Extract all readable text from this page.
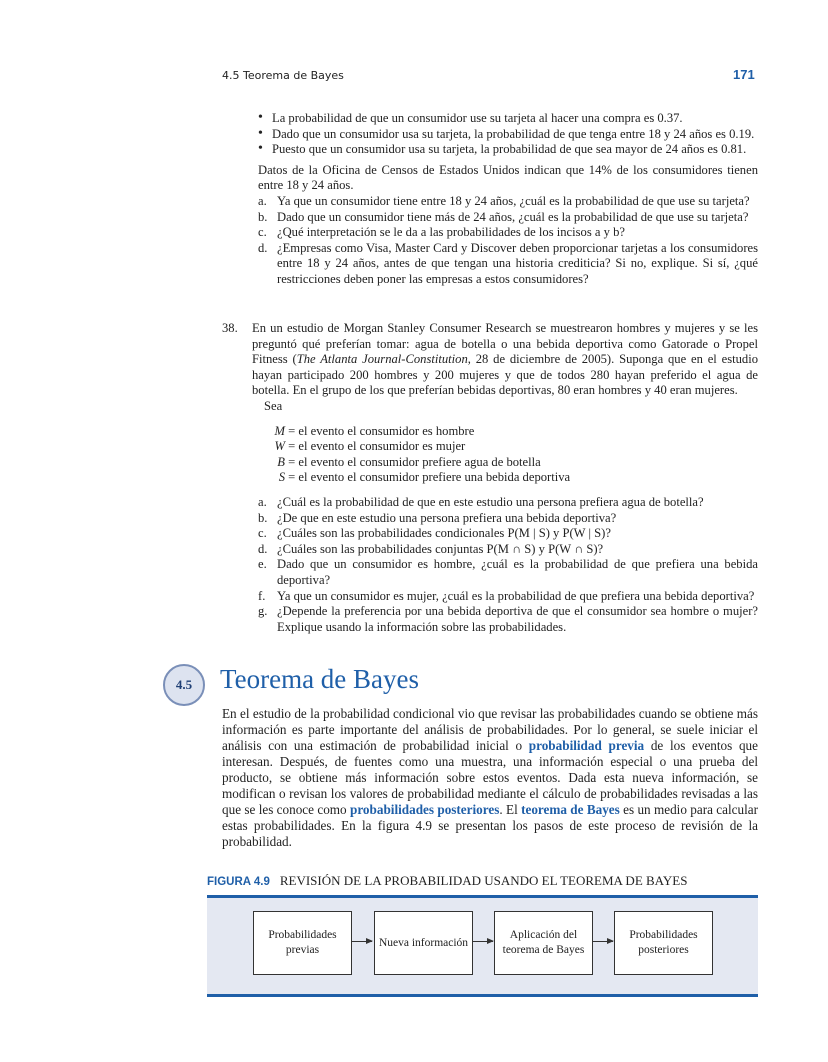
4.5 Teorema de Bayes	171
• La probabilidad de que un consumidor use su tarjeta al hacer una compra es 0.37.
• Dado que un consumidor usa su tarjeta, la probabilidad de que tenga entre 18 y 24 años es 0.19.
• Puesto que un consumidor usa su tarjeta, la probabilidad de que sea mayor de 24 años es 0.81.
Datos de la Oficina de Censos de Estados Unidos indican que 14% de los consumidores tienen entre 18 y 24 años.
a. Ya que un consumidor tiene entre 18 y 24 años, ¿cuál es la probabilidad de que use su tarjeta?
b. Dado que un consumidor tiene más de 24 años, ¿cuál es la probabilidad de que use su tarjeta?
c. ¿Qué interpretación se le da a las probabilidades de los incisos a y b?
d. ¿Empresas como Visa, Master Card y Discover deben proporcionar tarjetas a los consumidores entre 18 y 24 años, antes de que tengan una historia crediticia? Si no, explique. Si sí, ¿qué restricciones deben poner las empresas a estos consumidores?
38.	En un estudio de Morgan Stanley Consumer Research se muestrearon hombres y mujeres y se les preguntó qué preferían tomar: agua de botella o una bebida deportiva como Gatorade o Propel Fitness (The Atlanta Journal-Constitution, 28 de diciembre de 2005). Suponga que en el estudio hayan participado 200 hombres y 200 mujeres y que de todos 280 hayan preferido el agua de botella. En el grupo de los que preferían bebidas deportivas, 80 eran hombres y 40 eran mujeres.
Sea
M
= el evento el consumidor es hombre
W
= el evento el consumidor es mujer
B
= el evento el consumidor prefiere agua de botella
S
= el evento el consumidor prefiere una bebida deportiva
a. ¿Cuál es la probabilidad de que en este estudio una persona prefiera agua de botella?
b. ¿De que en este estudio una persona prefiera una bebida deportiva?
c. ¿Cuáles son las probabilidades condicionales P(M | S) y P(W | S)?
d. ¿Cuáles son las probabilidades conjuntas P(M ∩ S) y P(W ∩ S)?
e. Dado que un consumidor es hombre, ¿cuál es la probabilidad de que prefiera una bebida deportiva?
f. Ya que un consumidor es mujer, ¿cuál es la probabilidad de que prefiera una bebida deportiva?
g. ¿Depende la preferencia por una bebida deportiva de que el consumidor sea hombre o mujer? Explique usando la información sobre las probabilidades.
4.5	Teorema de Bayes
En el estudio de la probabilidad condicional vio que revisar las probabilidades cuando se obtiene más información es parte importante del análisis de probabilidades. Por lo general, se suele iniciar el análisis con una estimación de probabilidad inicial o probabilidad previa de los eventos que interesan. Después, de fuentes como una muestra, una información especial o una prueba del producto, se obtiene más información sobre estos eventos. Dada esta nueva información, se modifican o revisan los valores de probabilidad mediante el cálculo de probabilidades revisadas a las que se les conoce como probabilidades posteriores. El teorema de Bayes es un medio para calcular estas probabilidades. En la figura 4.9 se presentan los pasos de este proceso de revisión de la probabilidad.
FIGURA 4.9 REVISIÓN DE LA PROBABILIDAD USANDO EL TEOREMA DE BAYES
Probabilidades previas
Nueva información
Aplicación del teorema de Bayes
Probabilidades posteriores
